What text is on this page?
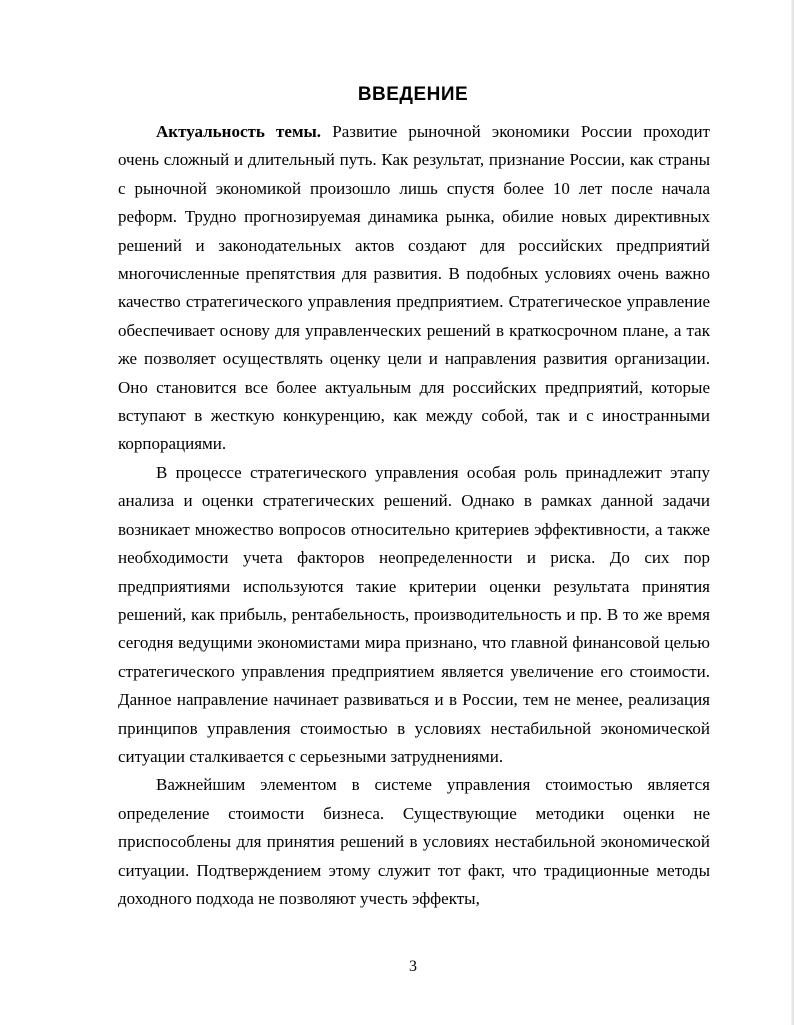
ВВЕДЕНИЕ

Актуальность темы. Развитие рыночной экономики России проходит очень сложный и длительный путь. Как результат, признание России, как страны с рыночной экономикой произошло лишь спустя более 10 лет после начала реформ. Трудно прогнозируемая динамика рынка, обилие новых директивных решений и законодательных актов создают для российских предприятий многочисленные препятствия для развития. В подобных условиях очень важно качество стратегического управления предприятием. Стратегическое управление обеспечивает основу для управленческих решений в краткосрочном плане, а так же позволяет осуществлять оценку цели и направления развития организации. Оно становится все более актуальным для российских предприятий, которые вступают в жесткую конкуренцию, как между собой, так и с иностранными корпорациями.

В процессе стратегического управления особая роль принадлежит этапу анализа и оценки стратегических решений. Однако в рамках данной задачи возникает множество вопросов относительно критериев эффективности, а также необходимости учета факторов неопределенности и риска. До сих пор предприятиями используются такие критерии оценки результата принятия решений, как прибыль, рентабельность, производительность и пр. В то же время сегодня ведущими экономистами мира признано, что главной финансовой целью стратегического управления предприятием является увеличение его стоимости. Данное направление начинает развиваться и в России, тем не менее, реализация принципов управления стоимостью в условиях нестабильной экономической ситуации сталкивается с серьезными затруднениями.

Важнейшим элементом в системе управления стоимостью является определение стоимости бизнеса. Существующие методики оценки не приспособлены для принятия решений в условиях нестабильной экономической ситуации. Подтверждением этому служит тот факт, что традиционные методы доходного подхода не позволяют учесть эффекты,

3
